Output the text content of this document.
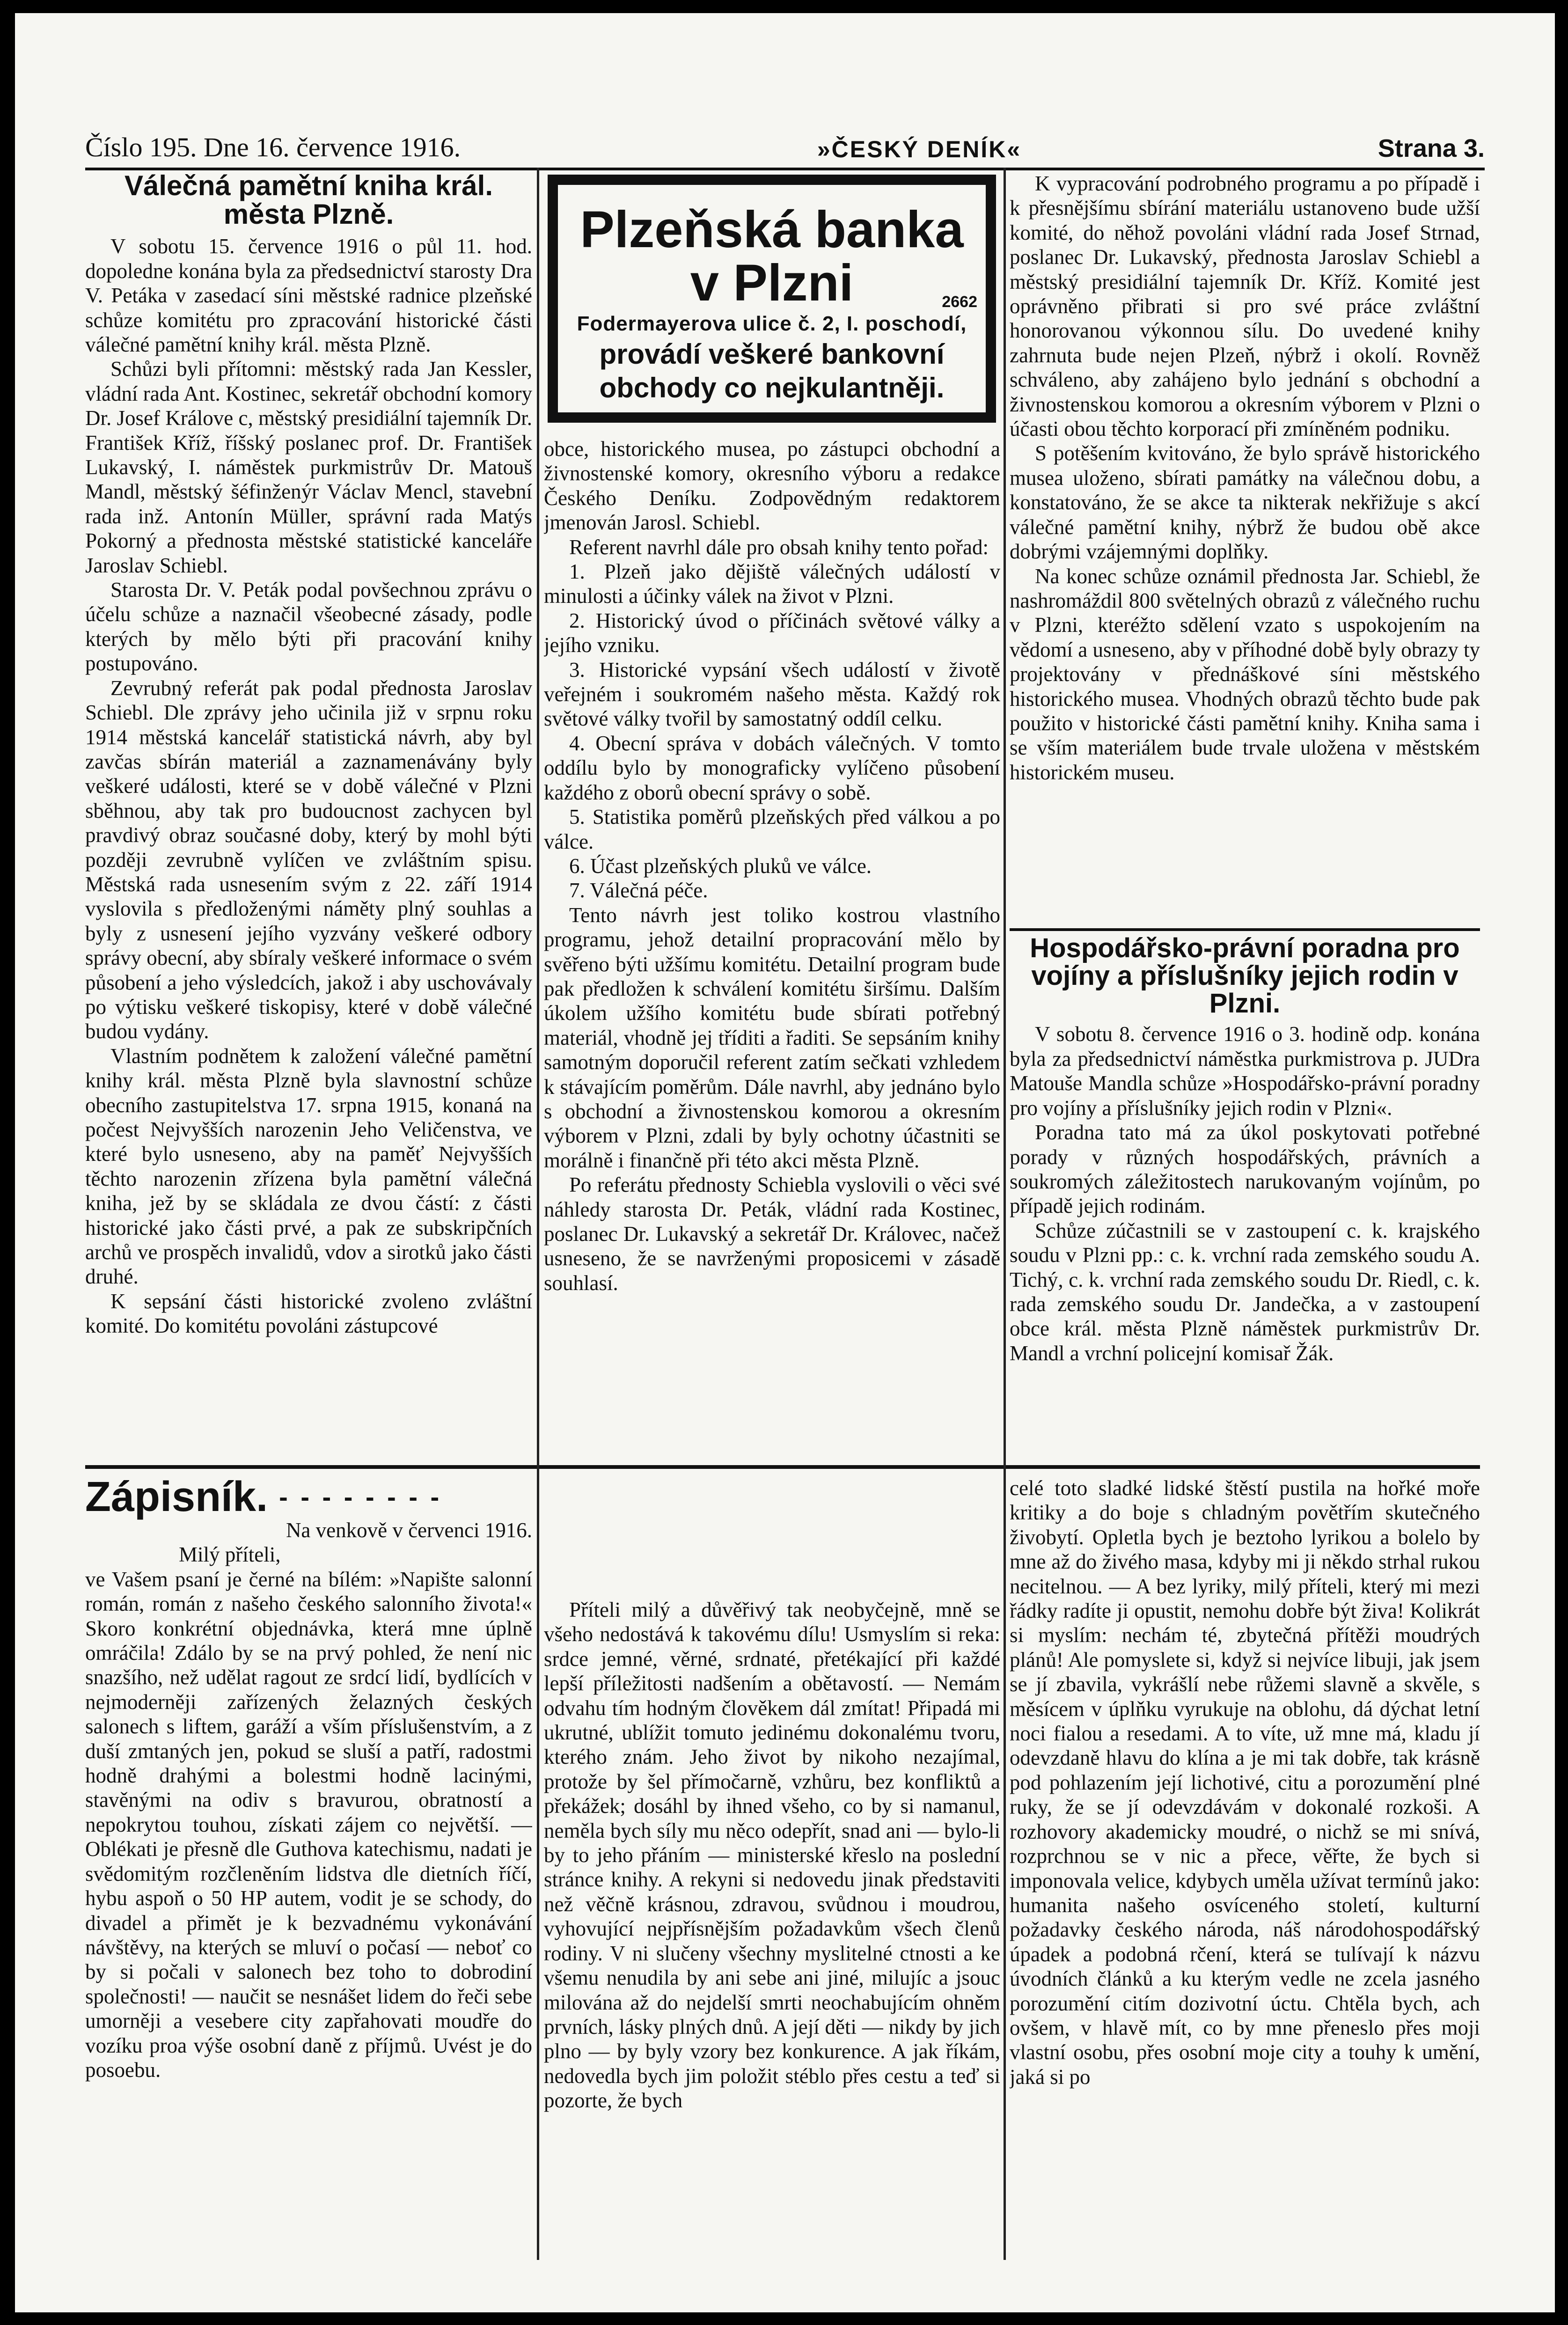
Číslo 195. Dne 16. července 1916.	»ČESKÝ DENÍK«	Strana 3.
Válečná pamětní kniha král. města Plzně.

V sobotu 15. července 1916 o půl 11. hod. dopoledne konána byla za předsednictví starosty Dra V. Petáka v zasedací síni městské radnice plzeňské schůze komitétu pro zpracování historické části válečné pamětní knihy král. města Plzně.

Schůzi byli přítomni: městský rada Jan Kessler, vládní rada Ant. Kostinec, sekretář obchodní komory Dr. Josef Králove c, městský presidiální tajemník Dr. František Kříž, říšský poslanec prof. Dr. František Lukavský, I. náměstek purkmistrův Dr. Matouš Mandl, městský šéfinženýr Václav Mencl, stavební rada inž. Antonín Müller, správní rada Matýs Pokorný a přednosta městské statistické kanceláře Jaroslav Schiebl.

Starosta Dr. V. Peták podal povšechnou zprávu o účelu schůze a naznačil všeobecné zásady, podle kterých by mělo býti při pracování knihy postupováno.

Zevrubný referát pak podal přednosta Jaroslav Schiebl. Dle zprávy jeho učinila již v srpnu roku 1914 městská kancelář statistická návrh, aby byl zavčas sbírán materiál a zaznamenávány byly veškeré události, které se v době válečné v Plzni sběhnou, aby tak pro budoucnost zachycen byl pravdivý obraz současné doby, který by mohl býti později zevrubně vylíčen ve zvláštním spisu. Městská rada usnesením svým z 22. září 1914 vyslovila s předloženými náměty plný souhlas a byly z usnesení jejího vyzvány veškeré odbory správy obecní, aby sbíraly veškeré informace o svém působení a jeho výsledcích, jakož i aby uschovávaly po výtisku veškeré tiskopisy, které v době válečné budou vydány.

Vlastním podnětem k založení válečné pamětní knihy král. města Plzně byla slavnostní schůze obecního zastupitelstva 17. srpna 1915, konaná na počest Nejvyšších narozenin Jeho Veličenstva, ve které bylo usneseno, aby na paměť Nejvyšších těchto narozenin zřízena byla pamětní válečná kniha, jež by se skládala ze dvou částí: z části historické jako části prvé, a pak ze subskripčních archů ve prospěch invalidů, vdov a sirotků jako části druhé.

K sepsání části historické zvoleno zvláštní komité. Do komitétu povoláni zástupcové

Plzeňská banka
v Plzni	2662
Fodermayerova ulice č. 2, I. poschodí,
provádí veškeré bankovní obchody co nejkulantněji.

obce, historického musea, po zástupci obchodní a živnostenské komory, okresního výboru a redakce Českého Deníku. Zodpovědným redaktorem jmenován Jarosl. Schiebl.

Referent navrhl dále pro obsah knihy tento pořad:

1. Plzeň jako dějiště válečných událostí v minulosti a účinky válek na život v Plzni.

2. Historický úvod o příčinách světové války a jejího vzniku.

3. Historické vypsání všech událostí v životě veřejném i soukromém našeho města. Každý rok světové války tvořil by samostatný oddíl celku.

4. Obecní správa v dobách válečných. V tomto oddílu bylo by monograficky vylíčeno působení každého z oborů obecní správy o sobě.

5. Statistika poměrů plzeňských před válkou a po válce.

6. Účast plzeňských pluků ve válce.

7. Válečná péče.

Tento návrh jest toliko kostrou vlastního programu, jehož detailní propracování mělo by svěřeno býti užšímu komitétu. Detailní program bude pak předložen k schválení komitétu širšímu. Dalším úkolem užšího komitétu bude sbírati potřebný materiál, vhodně jej tříditi a řaditi. Se sepsáním knihy samotným doporučil referent zatím sečkati vzhledem k stávajícím poměrům. Dále navrhl, aby jednáno bylo s obchodní a živnostenskou komorou a okresním výborem v Plzni, zdali by byly ochotny účastniti se morálně i finančně při této akci města Plzně.

Po referátu přednosty Schiebla vyslovili o věci své náhledy starosta Dr. Peták, vládní rada Kostinec, poslanec Dr. Lukavský a sekretář Dr. Královec, načež usneseno, že se navrženými proposicemi v zásadě souhlasí.

K vypracování podrobného programu a po případě i k přesnějšímu sbírání materiálu ustanoveno bude užší komité, do něhož povoláni vládní rada Josef Strnad, poslanec Dr. Lukavský, přednosta Jaroslav Schiebl a městský presidiální tajemník Dr. Kříž. Komité jest oprávněno přibrati si pro své práce zvláštní honorovanou výkonnou sílu. Do uvedené knihy zahrnuta bude nejen Plzeň, nýbrž i okolí. Rovněž schváleno, aby zahájeno bylo jednání s obchodní a živnostenskou komorou a okresním výborem v Plzni o účasti obou těchto korporací při zmíněném podniku.

S potěšením kvitováno, že bylo správě historického musea uloženo, sbírati památky na válečnou dobu, a konstatováno, že se akce ta nikterak nekřižuje s akcí válečné pamětní knihy, nýbrž že budou obě akce dobrými vzájemnými doplňky.

Na konec schůze oznámil přednosta Jar. Schiebl, že nashromáždil 800 světelných obrazů z válečného ruchu v Plzni, kteréžto sdělení vzato s uspokojením na vědomí a usneseno, aby v příhodné době byly obrazy ty projektovány v přednáškové síni městského historického musea. Vhodných obrazů těchto bude pak použito v historické části pamětní knihy. Kniha sama i se vším materiálem bude trvale uložena v městském historickém museu.

Hospodářsko-právní poradna pro vojíny a příslušníky jejich rodin v Plzni.

V sobotu 8. července 1916 o 3. hodině odp. konána byla za předsednictví náměstka purkmistrova p. JUDra Matouše Mandla schůze »Hospodářsko-právní poradny pro vojíny a příslušníky jejich rodin v Plzni«.

Poradna tato má za úkol poskytovati potřebné porady v různých hospodářských, právních a soukromých záležitostech narukovaným vojínům, po případě jejich rodinám.

Schůze zúčastnili se v zastoupení c. k. krajského soudu v Plzni pp.: c. k. vrchní rada zemského soudu A. Tichý, c. k. vrchní rada zemského soudu Dr. Riedl, c. k. rada zemského soudu Dr. Jandečka, a v zastoupení obce král. města Plzně náměstek purkmistrův Dr. Mandl a vrchní policejní komisař Žák.

Zápisník. - - - - - - - -

Na venkově v červenci 1916.

Milý příteli,

ve Vašem psaní je černé na bílém: »Napište salonní román, román z našeho českého salonního života!« Skoro konkrétní objednávka, která mne úplně omráčila! Zdálo by se na prvý pohled, že není nic snazšího, než udělat ragout ze srdcí lidí, bydlících v nejmoderněji zařízených želazných českých salonech s liftem, garáží a vším příslušenstvím, a z duší zmtaných jen, pokud se sluší a patří, radostmi hodně drahými a bolestmi hodně lacinými, stavěnými na odiv s bravurou, obratností a nepokrytou touhou, získati zájem co největší. — Oblékati je přesně dle Guthova katechismu, nadati je svědomitým rozčleněním lidstva dle dietních říčí, hybu aspoň o 50 HP autem, vodit je se schody, do divadel a přimět je k bezvadnému vykonávání návštěvy, na kterých se mluví o počasí — neboť co by si počali v salonech bez toho to dobrodiní společnosti! — naučit se nesnášet lidem do řeči sebe umorněji a vesebere city zapřahovati moudře do vozíku proa výše osobní daně z příjmů. Uvést je do posoebu.

Příteli milý a důvěřivý tak neobyčejně, mně se všeho nedostává k takovému dílu! Usmyslím si reka: srdce jemné, věrné, srdnaté, přetékající při každé lepší příležitosti nadšením a obětavostí. — Nemám odvahu tím hodným člověkem dál zmítat! Připadá mi ukrutné, ublížit tomuto jedinému dokonalému tvoru, kterého znám. Jeho život by nikoho nezajímal, protože by šel přímočarně, vzhůru, bez konfliktů a překážek; dosáhl by ihned všeho, co by si namanul, neměla bych síly mu něco odepřít, snad ani — bylo-li by to jeho přáním — ministerské křeslo na poslední stránce knihy. A rekyni si nedovedu jinak představiti než věčně krásnou, zdravou, svůdnou i moudrou, vyhovující nejpřísnějším požadavkům všech členů rodiny. V ni slučeny všechny myslitelné ctnosti a ke všemu nenudila by ani sebe ani jiné, milujíc a jsouc milována až do nejdelší smrti neochabujícím ohněm prvních, lásky plných dnů. A její děti — nikdy by jich plno — by byly vzory bez konkurence. A jak říkám, nedovedla bych jim položit stéblo přes cestu a teď si pozorte, že bych

celé toto sladké lidské štěstí pustila na hořké moře kritiky a do boje s chladným povětřím skutečného živobytí. Opletla bych je beztoho lyrikou a bolelo by mne až do živého masa, kdyby mi ji někdo strhal rukou necitelnou. — A bez lyriky, milý příteli, který mi mezi řádky radíte ji opustit, nemohu dobře být živa! Kolikrát si myslím: nechám té, zbytečná přítěži moudrých plánů! Ale pomyslete si, když si nejvíce libuji, jak jsem se jí zbavila, vykrášlí nebe růžemi slavně a skvěle, s měsícem v úplňku vyrukuje na oblohu, dá dýchat letní noci fialou a resedami. A to víte, už mne má, kladu jí odevzdaně hlavu do klína a je mi tak dobře, tak krásně pod pohlazením její lichotivé, citu a porozumění plné ruky, že se jí odevzdávám v dokonalé rozkoši. A rozhovory akademicky moudré, o nichž se mi snívá, rozprchnou se v nic a přece, věřte, že bych si imponovala velice, kdybych uměla užívat termínů jako: humanita našeho osvíceného století, kulturní požadavky českého národa, náš národohospodářský úpadek a podobná rčení, která se tulívají k názvu úvodních článků a ku kterým vedle ne zcela jasného porozumění citím dozivotní úctu. Chtěla bych, ach ovšem, v hlavě mít, co by mne přeneslo přes moji vlastní osobu, přes osobní moje city a touhy k umění, jaká si po
